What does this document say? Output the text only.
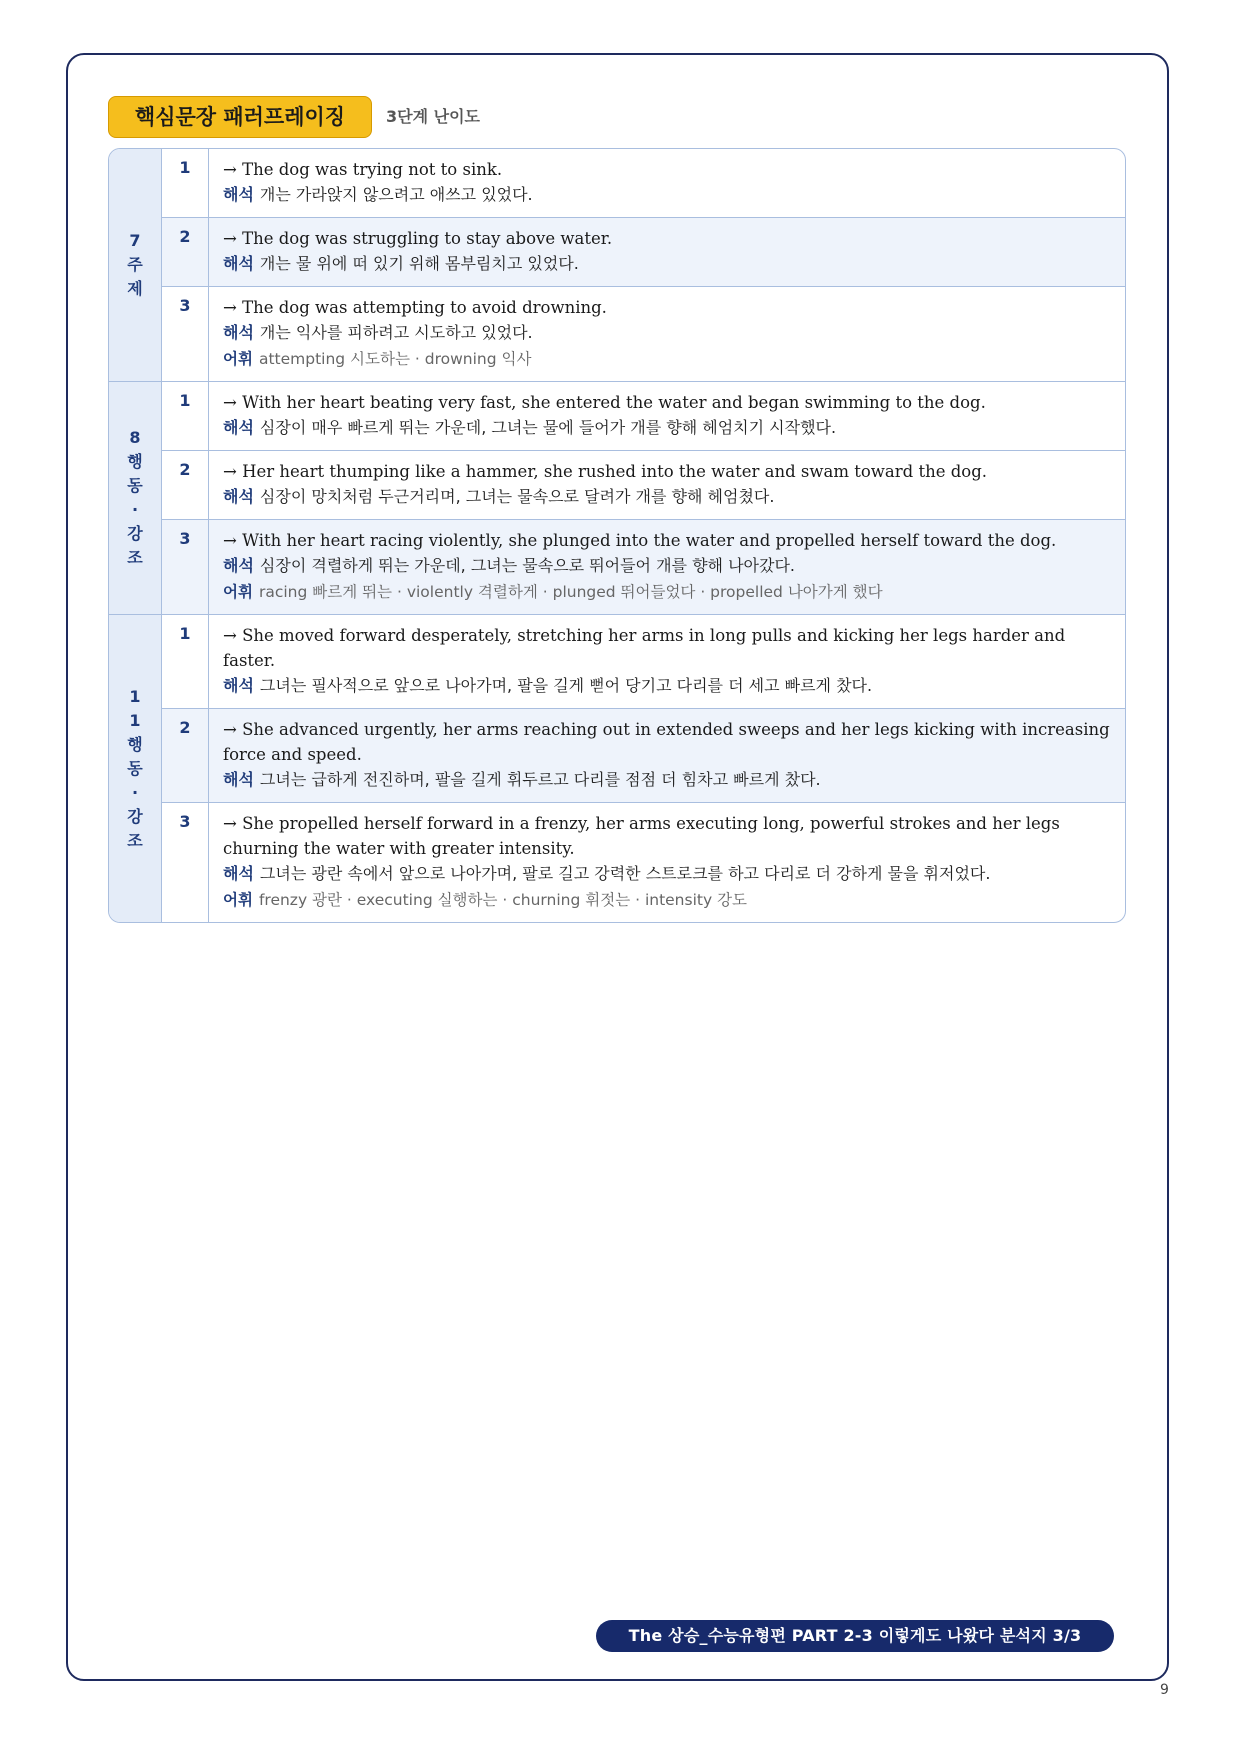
핵심문장 패러프레이징	3단계 난이도
7주제
1	→ The dog was trying not to sink.
해석 개는 가라앉지 않으려고 애쓰고 있었다.
2	→ The dog was struggling to stay above water.
해석 개는 물 위에 떠 있기 위해 몸부림치고 있었다.
3	→ The dog was attempting to avoid drowning.
해석 개는 익사를 피하려고 시도하고 있었다.
어휘 attempting 시도하는 · drowning 익사
8행동·강조
1	→ With her heart beating very fast, she entered the water and began swimming to the dog.
해석 심장이 매우 빠르게 뛰는 가운데, 그녀는 물에 들어가 개를 향해 헤엄치기 시작했다.
2	→ Her heart thumping like a hammer, she rushed into the water and swam toward the dog.
해석 심장이 망치처럼 두근거리며, 그녀는 물속으로 달려가 개를 향해 헤엄쳤다.
3	→ With her heart racing violently, she plunged into the water and propelled herself toward the dog.
해석 심장이 격렬하게 뛰는 가운데, 그녀는 물속으로 뛰어들어 개를 향해 나아갔다.
어휘 racing 빠르게 뛰는 · violently 격렬하게 · plunged 뛰어들었다 · propelled 나아가게 했다
11행동·강조
1	→ She moved forward desperately, stretching her arms in long pulls and kicking her legs harder and faster.
해석 그녀는 필사적으로 앞으로 나아가며, 팔을 길게 뻗어 당기고 다리를 더 세고 빠르게 찼다.
2	→ She advanced urgently, her arms reaching out in extended sweeps and her legs kicking with increasing force and speed.
해석 그녀는 급하게 전진하며, 팔을 길게 휘두르고 다리를 점점 더 힘차고 빠르게 찼다.
3	→ She propelled herself forward in a frenzy, her arms executing long, powerful strokes and her legs churning the water with greater intensity.
해석 그녀는 광란 속에서 앞으로 나아가며, 팔로 길고 강력한 스트로크를 하고 다리로 더 강하게 물을 휘저었다.
어휘 frenzy 광란 · executing 실행하는 · churning 휘젓는 · intensity 강도
The 상승_수능유형편 PART 2-3 이렇게도 나왔다 분석지 3/3
9
